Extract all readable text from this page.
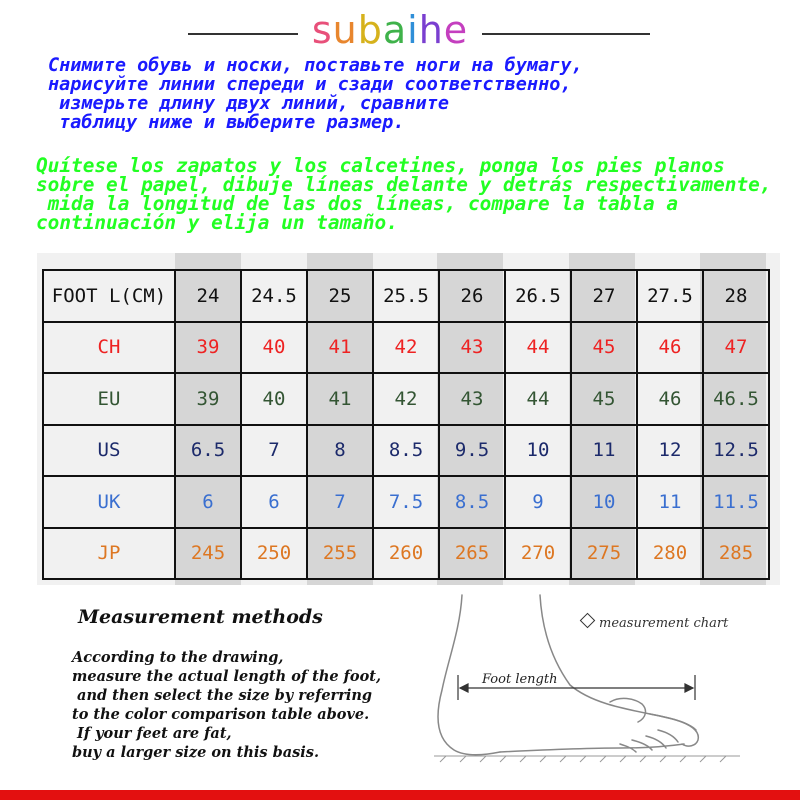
subaihe
Снимите обувь и носки, поставьте ноги на бумагу,
нарисуйте линии спереди и сзади соответственно,
измерьте длину двух линий, сравните
таблицу ниже и выберите размер.
Quítese los zapatos y los calcetines, ponga los pies planos
sobre el papel, dibuje líneas delante y detrás respectivamente,
mida la longitud de las dos líneas, compare la tabla a
continuación y elija un tamaño.
FOOT L(CM)	24	24.5	25	25.5	26	26.5	27	27.5	28
CH	39	40	41	42	43	44	45	46	47
EU	39	40	41	42	43	44	45	46	46.5
US	6.5	7	8	8.5	9.5	10	11	12	12.5
UK	6	6	7	7.5	8.5	9	10	11	11.5
JP	245	250	255	260	265	270	275	280	285
Measurement methods
According to the drawing,
measure the actual length of the foot,
and then select the size by referring
to the color comparison table above.
If your feet are fat,
buy a larger size on this basis.
measurement chart
Foot length
